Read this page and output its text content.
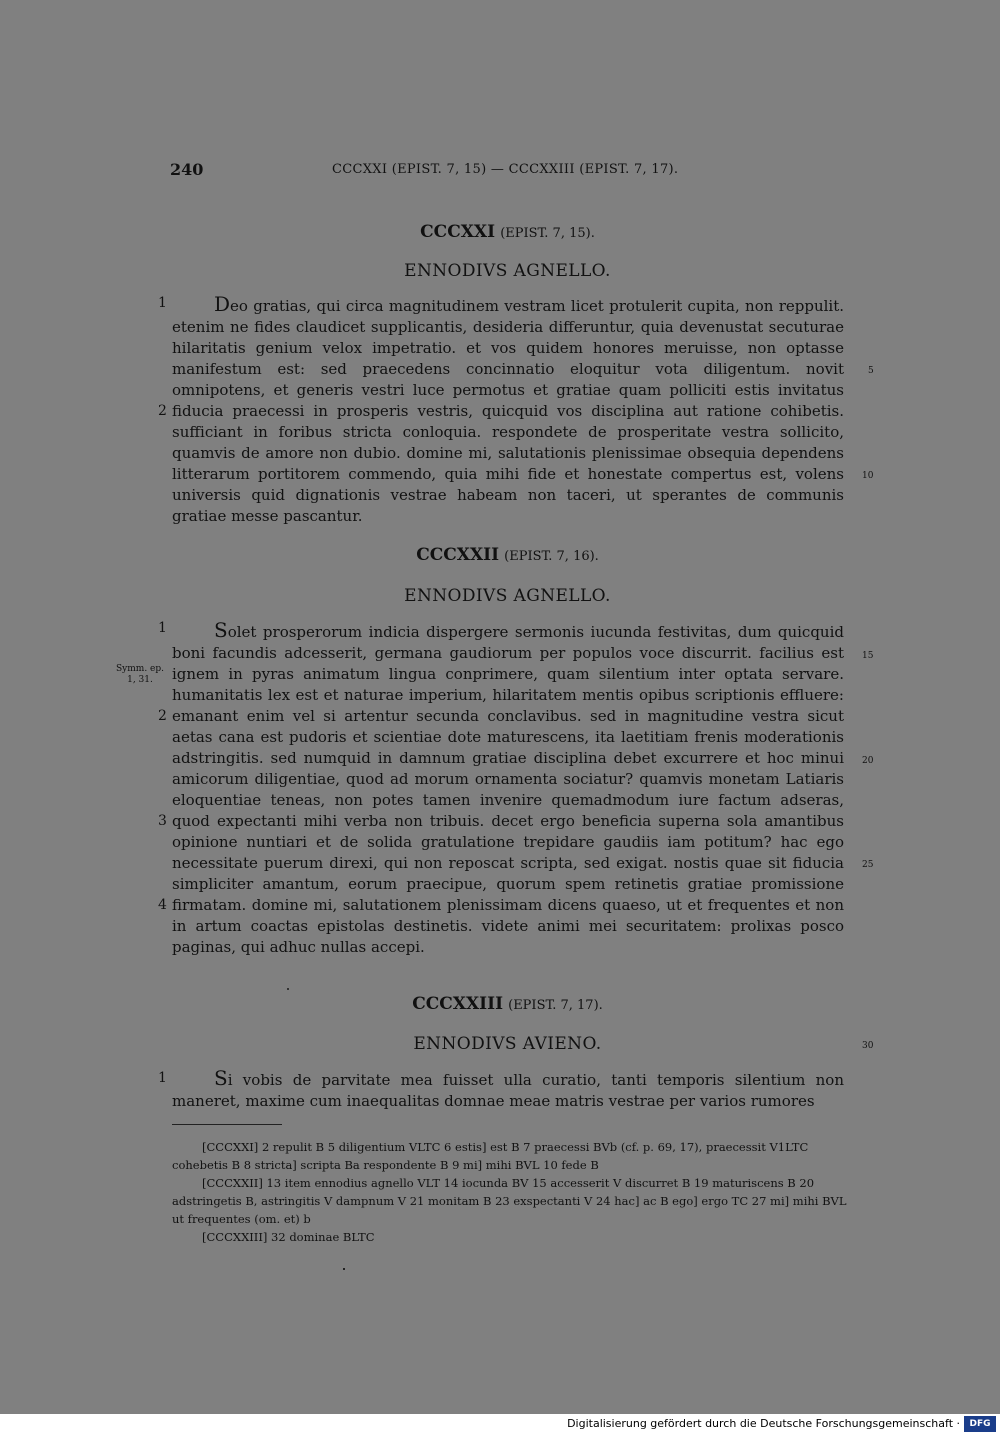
240	CCCXXI (EPIST. 7, 15) — CCCXXIII (EPIST. 7, 17).
CCCXXI (EPIST. 7, 15).
ENNODIVS AGNELLO.
Deo gratias, qui circa magnitudinem vestram licet protulerit cupita, non reppulit. etenim ne fides claudicet supplicantis, desideria differuntur, quia devenustat secuturae hilaritatis genium velox impetratio. et vos quidem honores meruisse, non optasse manifestum est: sed praecedens concinnatio eloquitur vota diligentum. novit omnipotens, et generis vestri luce permotus et gratiae quam polliciti estis invitatus fiducia praecessi in prosperis vestris, quicquid vos disciplina aut ratione cohibetis. sufficiant in foribus stricta conloquia. respondete de prosperitate vestra sollicito, quamvis de amore non dubio. domine mi, salutationis plenissimae obsequia dependens litterarum portitorem commendo, quia mihi fide et honestate compertus est, volens universis quid dignationis vestrae habeam non taceri, ut sperantes de communis gratiae messe pascantur.
CCCXXII (EPIST. 7, 16).
ENNODIVS AGNELLO.
Solet prosperorum indicia dispergere sermonis iucunda festivitas, dum quicquid boni facundis adcesserit, germana gaudiorum per populos voce discurrit. facilius est ignem in pyras animatum lingua conprimere, quam silentium inter optata servare. humanitatis lex est et naturae imperium, hilaritatem mentis opibus scriptionis effluere: emanant enim vel si artentur secunda conclavibus. sed in magnitudine vestra sicut aetas cana est pudoris et scientiae dote maturescens, ita laetitiam frenis moderationis adstringitis. sed numquid in damnum gratiae disciplina debet excurrere et hoc minui amicorum diligentiae, quod ad morum ornamenta sociatur? quamvis monetam Latiaris eloquentiae teneas, non potes tamen invenire quemadmodum iure factum adseras, quod expectanti mihi verba non tribuis. decet ergo beneficia superna sola amantibus opinione nuntiari et de solida gratulatione trepidare gaudiis iam potitum? hac ego necessitate puerum direxi, qui non reposcat scripta, sed exigat. nostis quae sit fiducia simpliciter amantum, eorum praecipue, quorum spem retinetis gratiae promissione firmatam. domine mi, salutationem plenissimam dicens quaeso, ut et frequentes et non in artum coactas epistolas destinetis. videte animi mei securitatem: prolixas posco paginas, qui adhuc nullas accepi.
Symm. ep. 1, 31.
CCCXXIII (EPIST. 7, 17).
ENNODIVS AVIENO.
Si vobis de parvitate mea fuisset ulla curatio, tanti temporis silentium non maneret, maxime cum inaequalitas domnae meae matris vestrae per varios rumores
1
2
1
2
3
4
1
5
10
15
20
25
30

[CCCXXI] 2 repulit B 5 diligentium VLTC 6 estis] est B 7 praecessi BVb (cf. p. 69, 17), praecessit V1LTC cohebetis B 8 stricta] scripta Ba respondente B 9 mi] mihi BVL 10 fede B

[CCCXXII] 13 item ennodius agnello VLT 14 iocunda BV 15 accesserit V discurret B 19 maturiscens B 20 adstringetis B, astringitis V dampnum V 21 monitam B 23 exspectanti V 24 hac] ac B ego] ergo TC 27 mi] mihi BVL ut frequentes (om. et) b

[CCCXXIII] 32 dominae BLTC

Digitalisierung gefördert durch die Deutsche Forschungsgemeinschaft ·	DFG
